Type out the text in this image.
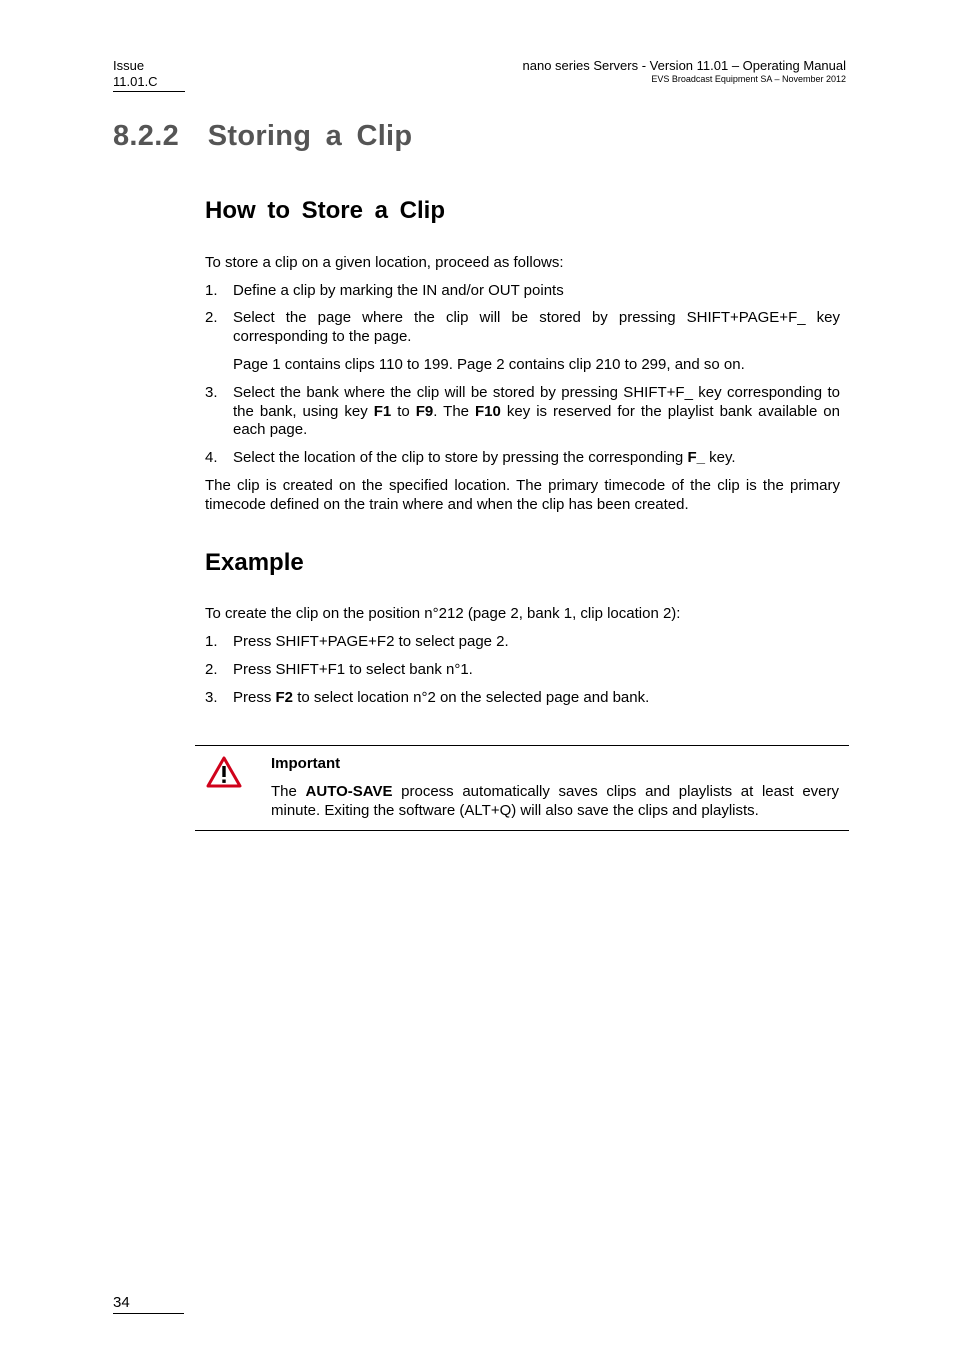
Issue
11.01.C
nano series Servers - Version 11.01 – Operating Manual
EVS Broadcast Equipment SA – November 2012
8.2.2 Storing a Clip
How to Store a Clip

To store a clip on a given location, proceed as follows:

1. Define a clip by marking the IN and/or OUT points
2. Select the page where the clip will be stored by pressing SHIFT+PAGE+F_ key corresponding to the page.
Page 1 contains clips 110 to 199. Page 2 contains clip 210 to 299, and so on.
3. Select the bank where the clip will be stored by pressing SHIFT+F_ key corresponding to the bank, using key F1 to F9. The F10 key is reserved for the playlist bank available on each page.
4. Select the location of the clip to store by pressing the corresponding F_ key.

The clip is created on the specified location. The primary timecode of the clip is the primary timecode defined on the train where and when the clip has been created.

Example

To create the clip on the position n°212 (page 2, bank 1, clip location 2):

1. Press SHIFT+PAGE+F2 to select page 2.
2. Press SHIFT+F1 to select bank n°1.
3. Press F2 to select location n°2 on the selected page and bank.
Important
The AUTO-SAVE process automatically saves clips and playlists at least every minute. Exiting the software (ALT+Q) will also save the clips and playlists.
34
